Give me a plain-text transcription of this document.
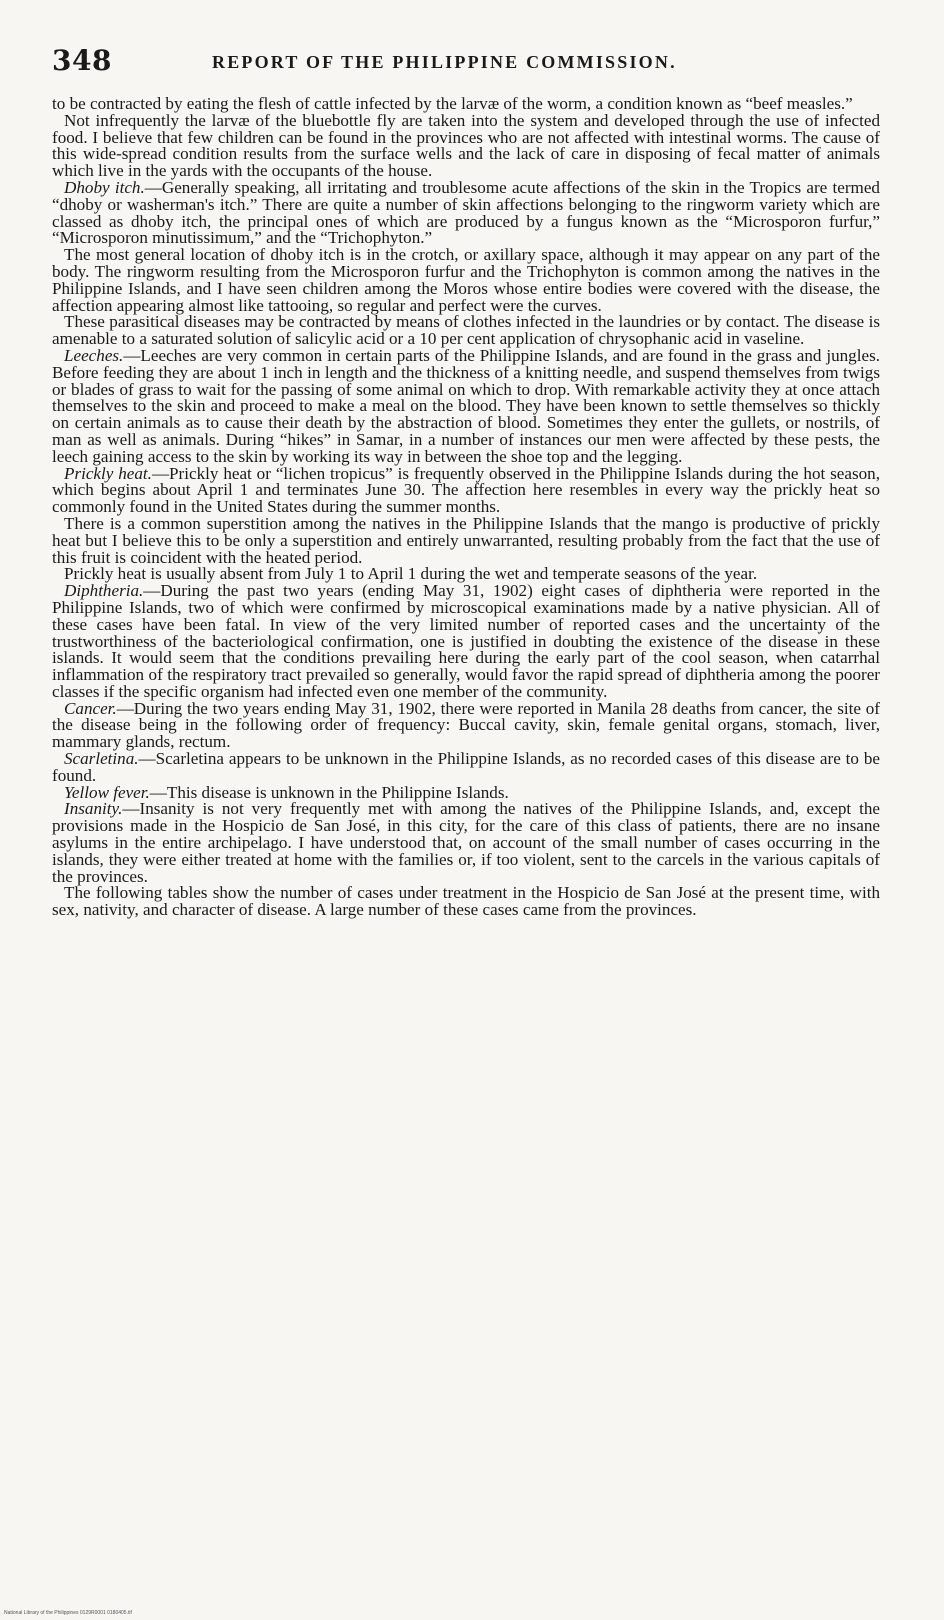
348	REPORT OF THE PHILIPPINE COMMISSION.

to be contracted by eating the flesh of cattle infected by the larvæ of the worm, a condition known as “beef measles.”

Not infrequently the larvæ of the bluebottle fly are taken into the system and developed through the use of infected food. I believe that few children can be found in the provinces who are not affected with intestinal worms. The cause of this wide-spread condition results from the surface wells and the lack of care in disposing of fecal matter of animals which live in the yards with the occupants of the house.

Dhoby itch.—Generally speaking, all irritating and troublesome acute affections of the skin in the Tropics are termed “dhoby or washerman's itch.” There are quite a number of skin affections belonging to the ringworm variety which are classed as dhoby itch, the principal ones of which are produced by a fungus known as the “Microsporon furfur,” “Microsporon minutissimum,” and the “Trichophyton.”

The most general location of dhoby itch is in the crotch, or axillary space, although it may appear on any part of the body. The ringworm resulting from the Microsporon furfur and the Trichophyton is common among the natives in the Philippine Islands, and I have seen children among the Moros whose entire bodies were covered with the disease, the affection appearing almost like tattooing, so regular and perfect were the curves.

These parasitical diseases may be contracted by means of clothes infected in the laundries or by contact. The disease is amenable to a saturated solution of salicylic acid or a 10 per cent application of chrysophanic acid in vaseline.

Leeches.—Leeches are very common in certain parts of the Philippine Islands, and are found in the grass and jungles. Before feeding they are about 1 inch in length and the thickness of a knitting needle, and suspend themselves from twigs or blades of grass to wait for the passing of some animal on which to drop. With remarkable activity they at once attach themselves to the skin and proceed to make a meal on the blood. They have been known to settle themselves so thickly on certain animals as to cause their death by the abstraction of blood. Sometimes they enter the gullets, or nostrils, of man as well as animals. During “hikes” in Samar, in a number of instances our men were affected by these pests, the leech gaining access to the skin by working its way in between the shoe top and the legging.

Prickly heat.—Prickly heat or “lichen tropicus” is frequently observed in the Philippine Islands during the hot season, which begins about April 1 and terminates June 30. The affection here resembles in every way the prickly heat so commonly found in the United States during the summer months.

There is a common superstition among the natives in the Philippine Islands that the mango is productive of prickly heat but I believe this to be only a superstition and entirely unwarranted, resulting probably from the fact that the use of this fruit is coincident with the heated period.

Prickly heat is usually absent from July 1 to April 1 during the wet and temperate seasons of the year.

Diphtheria.—During the past two years (ending May 31, 1902) eight cases of diphtheria were reported in the Philippine Islands, two of which were confirmed by microscopical examinations made by a native physician. All of these cases have been fatal. In view of the very limited number of reported cases and the uncertainty of the trustworthiness of the bacteriological confirmation, one is justified in doubting the existence of the disease in these islands. It would seem that the conditions prevailing here during the early part of the cool season, when catarrhal inflammation of the respiratory tract prevailed so generally, would favor the rapid spread of diphtheria among the poorer classes if the specific organism had infected even one member of the community.

Cancer.—During the two years ending May 31, 1902, there were reported in Manila 28 deaths from cancer, the site of the disease being in the following order of frequency: Buccal cavity, skin, female genital organs, stomach, liver, mammary glands, rectum.

Scarletina.—Scarletina appears to be unknown in the Philippine Islands, as no recorded cases of this disease are to be found.

Yellow fever.—This disease is unknown in the Philippine Islands.

Insanity.—Insanity is not very frequently met with among the natives of the Philippine Islands, and, except the provisions made in the Hospicio de San José, in this city, for the care of this class of patients, there are no insane asylums in the entire archipelago. I have understood that, on account of the small number of cases occurring in the islands, they were either treated at home with the families or, if too violent, sent to the carcels in the various capitals of the provinces.

The following tables show the number of cases under treatment in the Hospicio de San José at the present time, with sex, nativity, and character of disease. A large number of these cases came from the provinces.

National Library of the Philippines 0129R0001 0180405.tif
